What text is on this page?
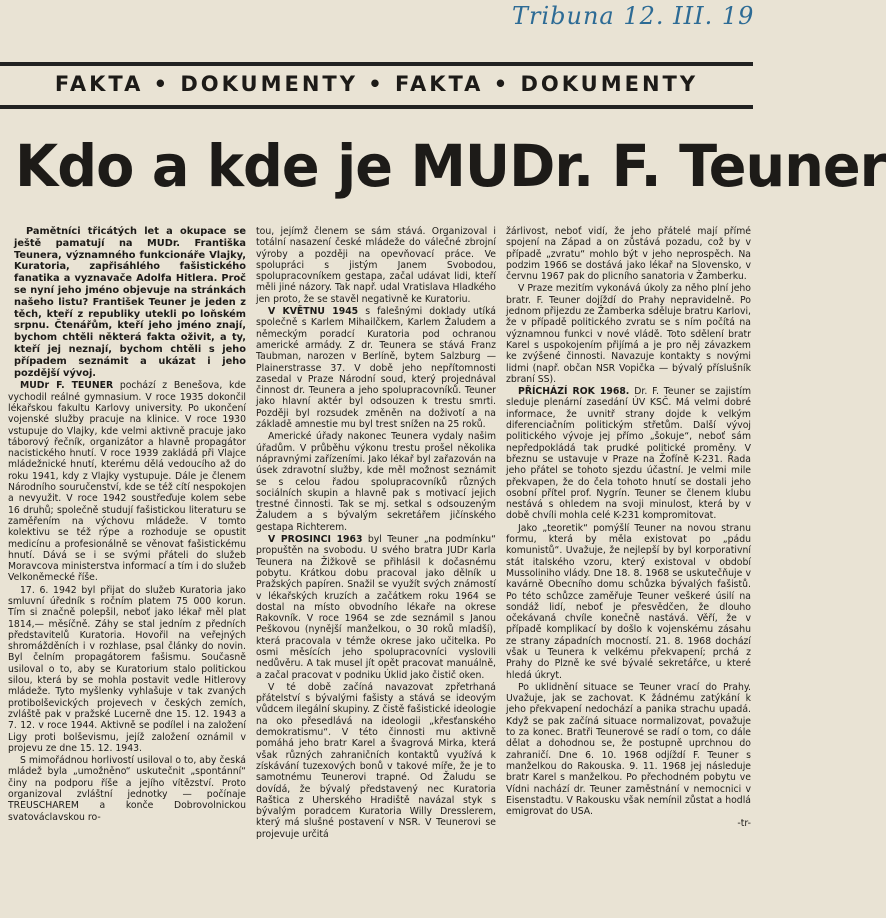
Tribuna 12. III. 19
FAKTA • DOKUMENTY • FAKTA • DOKUMENTY
Kdo a kde je MUDr. F. Teuner

Pamětníci třicátých let a okupace se ještě pamatují na MUDr. Františka Teunera, významného funkcionáře Vlajky, Kuratoria, zapřisáhlého fašistického fanatika a vyznavače Adolfa Hitlera. Proč se nyní jeho jméno objevuje na stránkách našeho listu? František Teuner je jeden z těch, kteří z republiky utekli po loňském srpnu. Čtenářům, kteří jeho jméno znají, bychom chtěli některá fakta oživit, a ty, kteří jej neznají, bychom chtěli s jeho případem seznámit a ukázat i jeho pozdější vývoj.

MUDr F. TEUNER pochází z Benešova, kde vychodil reálné gymnasium. V roce 1935 dokončil lékařskou fakultu Karlovy university. Po ukončení vojenské služby pracuje na klinice. V roce 1930 vstupuje do Vlajky, kde velmi aktivně pracuje jako táborový řečník, organizátor a hlavně propagátor nacistického hnutí. V roce 1939 zakládá při Vlajce mládežnické hnutí, kterému dělá vedoucího až do roku 1941, kdy z Vlajky vystupuje. Dále je členem Národního souručenství, kde se též cítí nespokojen a nevyužit. V roce 1942 soustřeďuje kolem sebe 16 druhů; společně studují fašistickou literaturu se zaměřením na výchovu mládeže. V tomto kolektivu se též rýpe a rozhoduje se opustit medicínu a profesionálně se věnovat fašistickému hnutí. Dává se i se svými přáteli do služeb Moravcova ministerstva informací a tím i do služeb Velkoněmecké říše.

17. 6. 1942 byl přijat do služeb Kuratoria jako smluvní úředník s ročním platem 75 000 korun. Tím si značně polepšil, neboť jako lékař měl plat 1814,— měsíčně. Záhy se stal jedním z předních představitelů Kuratoria. Hovořil na veřejných shromážděních i v rozhlase, psal články do novin. Byl čelním propagátorem fašismu. Současně usiloval o to, aby se Kuratorium stalo politickou silou, která by se mohla postavit vedle Hitlerovy mládeže. Tyto myšlenky vyhlašuje v tak zvaných protibolševických projevech v českých zemích, zvláště pak v pražské Lucerně dne 15. 12. 1943 a 7. 12. v roce 1944. Aktivně se podílel i na založení Ligy proti bolševismu, jejíž založení oznámil v projevu ze dne 15. 12. 1943.

S mimořádnou horlivostí usiloval o to, aby česká mládež byla „umožněno“ uskutečnit „spontánní“ činy na podporu říše a jejího vítězství. Proto organizoval zvláštní jednotky — počínaje TREUSCHAREM a konče Dobrovolnickou svatováclavskou ro-

tou, jejímž členem se sám stává. Organizoval i totální nasazení české mládeže do válečné zbrojní výroby a později na opevňovací práce. Ve spolupráci s jistým Janem Svobodou, spolupracovníkem gestapa, začal udávat lidi, kteří měli jiné názory. Tak např. udal Vratislava Hladkého jen proto, že se stavěl negativně ke Kuratoriu.

V KVĚTNU 1945 s falešnými doklady utíká společně s Karlem Mihailčkem, Karlem Žaludem a německým poradcí Kuratoria pod ochranou americké armády. Z dr. Teunera se stává Franz Taubman, narozen v Berlíně, bytem Salzburg — Plainerstrasse 37. V době jeho nepřítomnosti zasedal v Praze Národní soud, který projednával činnost dr. Teunera a jeho spolupracovníků. Teuner jako hlavní aktér byl odsouzen k trestu smrti. Později byl rozsudek změněn na doživotí a na základě amnestie mu byl trest snížen na 25 roků.

Americké úřady nakonec Teunera vydaly našim úřadům. V průběhu výkonu trestu prošel několika nápravnými zařízeními. Jako lékař byl zařazován na úsek zdravotní služby, kde měl možnost seznámit se s celou řadou spolupracovníků různých sociálních skupin a hlavně pak s motivací jejich trestné činnosti. Tak se mj. setkal s odsouzeným Žaludem a s bývalým sekretářem jičínského gestapa Richterem.

V PROSINCI 1963 byl Teuner „na podmínku“ propuštěn na svobodu. U svého bratra JUDr Karla Teunera na Žižkově se přihlásil k dočasnému pobytu. Krátkou dobu pracoval jako dělník u Pražských papíren. Snažil se využít svých známostí v lékařských kruzích a začátkem roku 1964 se dostal na místo obvodního lékaře na okrese Rakovník. V roce 1964 se zde seznámil s Janou Peškovou (nynější manželkou, o 30 roků mladší), která pracovala v témže okrese jako učitelka. Po osmi měsících jeho spolupracovníci vyslovili nedůvěru. A tak musel jít opět pracovat manuálně, a začal pracovat v podniku Úklid jako čistič oken.

V té době začíná navazovat zpřetrhaná přátelství s bývalými fašisty a stává se ideovým vůdcem ilegální skupiny. Z čistě fašistické ideologie na oko přesedlává na ideologii „křesťanského demokratismu“. V této činnosti mu aktivně pomáhá jeho bratr Karel a švagrová Mirka, která však různých zahraničních kontaktů využívá k získávání tuzexových bonů v takové míře, že je to samotnému Teunerovi trapné. Od Žaludu se dovídá, že bývalý představený nec Kuratoria Raštica z Uherského Hradiště navázal styk s bývalým poradcem Kuratoria Willy Dresslerem, který má slušné postavení v NSR. V Teunerovi se projevuje určitá

žárlivost, neboť vidí, že jeho přátelé mají přímé spojení na Západ a on zůstává pozadu, což by v případě „zvratu“ mohlo být v jeho neprospěch. Na podzim 1966 se dostává jako lékař na Slovensko, v červnu 1967 pak do plicního sanatoria v Žamberku.

V Praze mezitím vykonává úkoly za něho plní jeho bratr. F. Teuner dojíždí do Prahy nepravidelně. Po jednom přijezdu ze Žamberka sděluje bratru Karlovi, že v případě politického zvratu se s ním počítá na významnou funkci v nové vládě. Toto sdělení bratr Karel s uspokojením přijímá a je pro něj závazkem ke zvýšené činnosti. Navazuje kontakty s novými lidmi (např. občan NSR Vopička — bývalý příslušník zbraní SS).

PŘÍCHÁZÍ ROK 1968. Dr. F. Teuner se zajistím sleduje plenární zasedání ÚV KSČ. Má velmi dobré informace, že uvnitř strany dojde k velkým diferenciačním politickým střetům. Další vývoj politického vývoje jej přímo „šokuje“, neboť sám nepředpokládá tak prudké politické proměny. V březnu se ustavuje v Praze na Žofíně K-231. Řada jeho přátel se tohoto sjezdu účastní. Je velmi mile překvapen, že do čela tohoto hnutí se dostali jeho osobní přítel prof. Nygrín. Teuner se členem klubu nestává s ohledem na svoji minulost, která by v době chvíli mohla celé K-231 kompromitovat.

Jako „teoretik“ pomýšlí Teuner na novou stranu formu, která by měla existovat po „pádu komunistů“. Uvažuje, že nejlepší by byl korporativní stát italského vzoru, který existoval v období Mussoliniho vlády. Dne 18. 8. 1968 se uskutečňuje v kavárně Obecního domu schůzka bývalých fašistů. Po této schůzce zaměřuje Teuner veškeré úsilí na sondáž lidí, neboť je přesvědčen, že dlouho očekávaná chvíle konečně nastává. Věří, že v případě komplikací by došlo k vojenskému zásahu ze strany západních mocností. 21. 8. 1968 dochází však u Teunera k velkému překvapení; prchá z Prahy do Plzně ke své bývalé sekretářce, u které hledá úkryt.

Po uklidnění situace se Teuner vrací do Prahy. Uvažuje, jak se zachovat. K žádnému zatýkání k jeho překvapení nedochází a panika strachu upadá. Když se pak začíná situace normalizovat, považuje to za konec. Bratři Teunerové se radí o tom, co dále dělat a dohodnou se, že postupně uprchnou do zahraničí. Dne 6. 10. 1968 odjíždí F. Teuner s manželkou do Rakouska. 9. 11. 1968 jej následuje bratr Karel s manželkou. Po přechodném pobytu ve Vídni nachází dr. Teuner zaměstnání v nemocnici v Eisenstadtu. V Rakousku však nemínil zůstat a hodlá emigrovat do USA.

-tr-
